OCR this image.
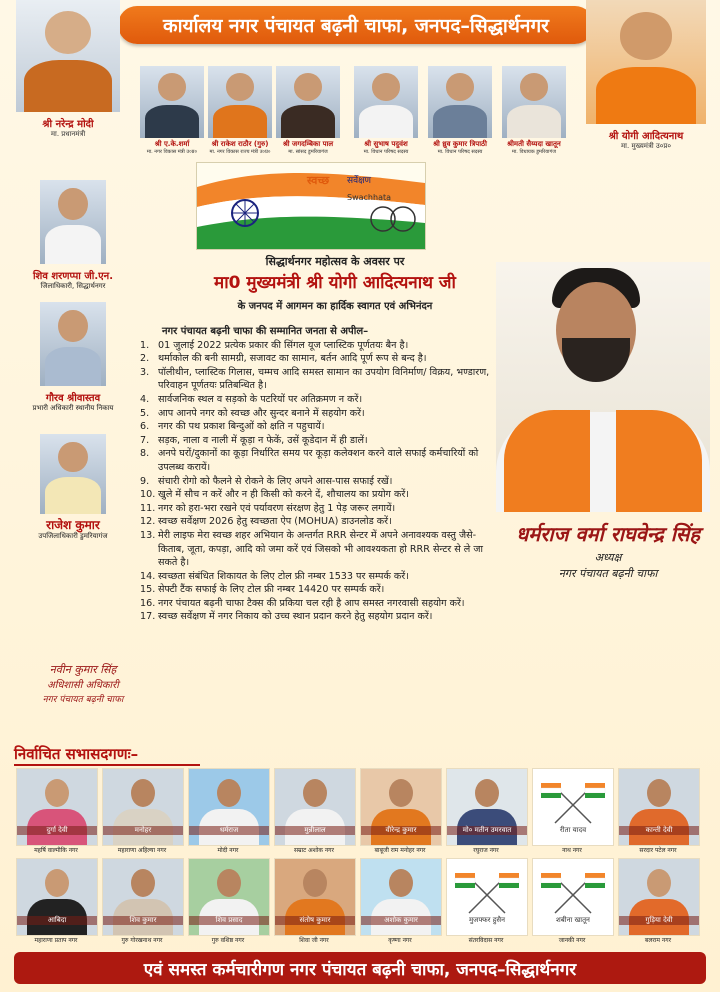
कार्यालय नगर पंचायत बढ़नी चाफा, जनपद–सिद्धार्थनगर
श्री नरेन्द्र मोदी
मा. प्रधानमंत्री	श्री योगी आदित्यनाथ
मा. मुख्यमंत्री उ०प्र०
श्री ए.के.शर्मा
मा. नगर विकास मंत्री उ०प्र०
श्री राकेश राठौर (गुरु)
मा. नगर विकास राज्य मंत्री उ०प्र०
श्री जगदम्बिका पाल
मा. सांसद डुमरियागंज
श्री सुभाष पदुवंश
मा. विधान परिषद सदस्य
श्री ध्रुव कुमार त्रिपाठी
मा. विधान परिषद सदस्य
श्रीमती सैय्यदा खातून
मा. विधायक डुमरियागंज
शिव शरणप्पा जी.एन.
जिलाधिकारी, सिद्धार्थनगर
गौरव श्रीवास्तव
प्रभारी अधिकारी स्थानीय निकाय
राजेश कुमार
उपजिलाधिकारी डुमरियागंज
स्वच्छ सर्वेक्षण
Swachhata
सिद्धार्थनगर महोत्सव के अवसर पर
मा0 मुख्यमंत्री श्री योगी आदित्यनाथ जी
के जनपद में आगमन का हार्दिक स्वागत एवं अभिनंदन
नगर पंचायत बढ़नी चाफा की सम्मानित जनता से अपील–
1. 01 जुलाई 2022 प्रत्येक प्रकार की सिंगल यूज प्लास्टिक पूर्णतयः बैन है।
2. थर्माकोल की बनी सामग्री, सजावट का सामान, बर्तन आदि पूर्ण रूप से बन्द है।
3. पॉलीथीन, प्लास्टिक गिलास, चम्मच आदि समस्त सामान का उपयोग विनिर्माण/ विक्रय, भण्डारण, परिवाहन पूर्णतयः प्रतिबन्धित है।
4. सार्वजनिक स्थल व सड़को के पटरियों पर अतिक्रमण न करें।
5. आप आनपे नगर को स्वच्छ और सुन्दर बनाने में सहयोग करें।
6. नगर की पथ प्रकाश बिन्दुओं को क्षति न पहुचायें।
7. सड़क, नाला व नाली में कूड़ा न फेकें, उसें कूडेदान में ही डालें।
8. अनपे घरों/दुकानों का कूड़ा निर्धारित समय पर कूड़ा कलेक्शन करने वाले सफाई कर्मचारियों को उपलब्ध करायें।
9. संचारी रोगो को फैलने से रोकने के लिए अपने आस-पास सफाई रखें।
10. खुले में सौच न करें और न ही किसी को करने दें, शौचालय का प्रयोग करें।
11. नगर को हरा-भरा रखने एवं पर्यावरण संरक्षण हेतु 1 पेड़ जरूर लगायें।
12. स्वच्छ सर्वेक्षण 2026 हेतु स्वच्छता ऐप (MOHUA) डाउनलोड करें।
13. मेरी लाइफ मेरा स्वच्छ शहर अभियान के अन्तर्गत RRR सेन्टर में अपने अनावश्यक वस्तु जैसे-किताब, जूता, कपड़ा, आदि को जमा करें एवं जिसको भी आवश्यकता हो RRR सेन्टर से ले जा सकते है।
14. स्वच्छता संबंधित शिकायत के लिए टोल फ्री नम्बर 1533 पर सम्पर्क करें।
15. सेफ्टी टैंक सफाई के लिए टोल फ्री नम्बर 14420 पर सम्पर्क करें।
16. नगर पंचायत बढ़नी चाफा टैक्स की प्रकिया चल रही है आप समस्त नगरवासी सहयोग करें।
17. स्वच्छ सर्वेक्षण में नगर निकाय को उच्च स्थान प्रदान करने हेतु सहयोग प्रदान करें।
धर्मराज वर्मा राघवेन्द्र सिंह
अध्यक्ष
नगर पंचायत बढ़नी चाफा
नवीन कुमार सिंह
अधिशासी अधिकारी
नगर पंचायत बढ़नी चाफा
निर्वाचित सभासदगणः–
दुर्गा देवी	मनोहर	धर्मराज	मुन्नीलाल	वीरेन्द्र कुमार	मो० मतीन उमरवात	रीता यादव	कान्ती देवी
महर्षि वाल्मीकि नगर	महाराणा अहिल्या नगर	मोदी नगर	सम्राट अशोक नगर	बाबूजी राम मनोहर नगर	रघुराज नगर	नाथ नगर	सरदार पटेल नगर
आबिदा	शिव कुमार	शिव प्रसाद	संतोष कुमार	अशोक कुमार	मुजफ्फर हुसैन	शबीना खातून	गुड़िया देवी
महाराणा प्रताप नगर	गुरु गोरखनाथ नगर	गुरु वशिष्ठ नगर	शिवा जी नगर	कृष्णा नगर	संतरविदास नगर	जानकी नगर	बलराम नगर
एवं समस्त कर्मचारीगण नगर पंचायत बढ़नी चाफा, जनपद–सिद्धार्थनगर
